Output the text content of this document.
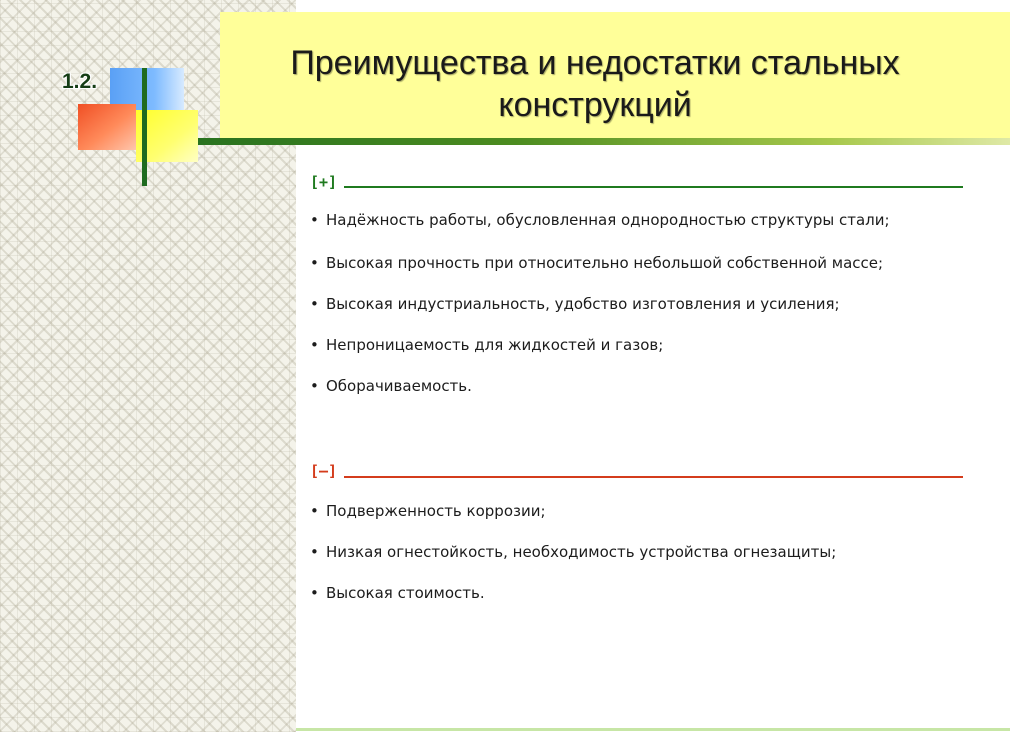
1.2.	Преимущества и недостатки стальных конструкций
[+]
• Надёжность работы, обусловленная однородностью структуры стали;
• Высокая прочность при относительно небольшой собственной массе;
• Высокая индустриальность, удобство изготовления и усиления;
• Непроницаемость для жидкостей и газов;
• Оборачиваемость.
[–]
• Подверженность коррозии;
• Низкая огнестойкость, необходимость устройства огнезащиты;
• Высокая стоимость.
